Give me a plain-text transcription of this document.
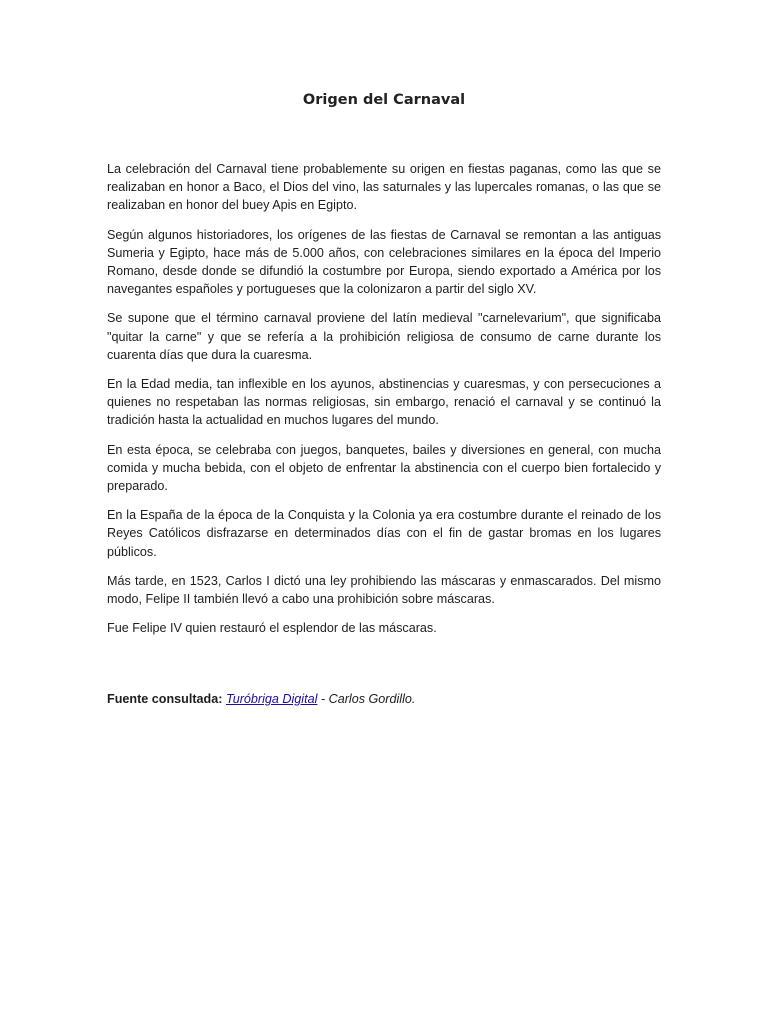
Origen del Carnaval

La celebración del Carnaval tiene probablemente su origen en fiestas paganas, como las que se realizaban en honor a Baco, el Dios del vino, las saturnales y las lupercales romanas, o las que se realizaban en honor del buey Apis en Egipto.

Según algunos historiadores, los orígenes de las fiestas de Carnaval se remontan a las antiguas Sumeria y Egipto, hace más de 5.000 años, con celebraciones similares en la época del Imperio Romano, desde donde se difundió la costumbre por Europa, siendo exportado a América por los navegantes españoles y portugueses que la colonizaron a partir del siglo XV.

Se supone que el término carnaval proviene del latín medieval "carnelevarium", que significaba "quitar la carne" y que se refería a la prohibición religiosa de consumo de carne durante los cuarenta días que dura la cuaresma.

En la Edad media, tan inflexible en los ayunos, abstinencias y cuaresmas, y con persecuciones a quienes no respetaban las normas religiosas, sin embargo, renació el carnaval y se continuó la tradición hasta la actualidad en muchos lugares del mundo.

En esta época, se celebraba con juegos, banquetes, bailes y diversiones en general, con mucha comida y mucha bebida, con el objeto de enfrentar la abstinencia con el cuerpo bien fortalecido y preparado.

En la España de la época de la Conquista y la Colonia ya era costumbre durante el reinado de los Reyes Católicos disfrazarse en determinados días con el fin de gastar bromas en los lugares públicos.

Más tarde, en 1523, Carlos I dictó una ley prohibiendo las máscaras y enmascarados. Del mismo modo, Felipe II también llevó a cabo una prohibición sobre máscaras.

Fue Felipe IV quien restauró el esplendor de las máscaras.

Fuente consultada: Turóbriga Digital - Carlos Gordillo.
